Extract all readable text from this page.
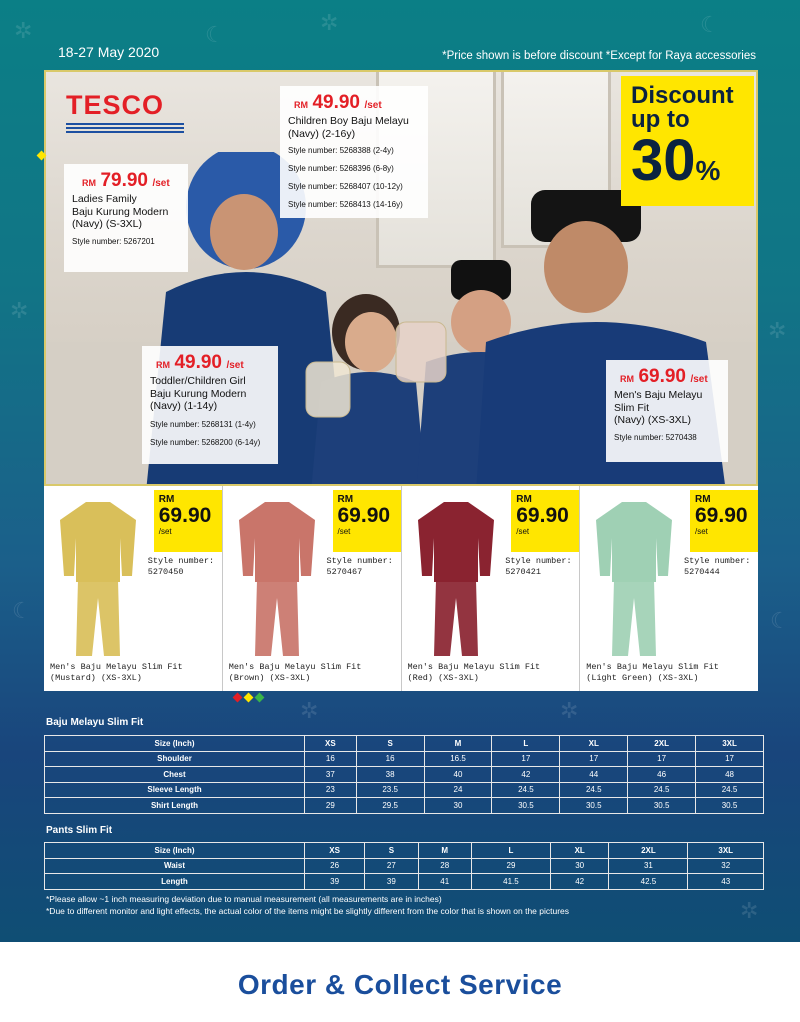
✲	☾	✲	☾
✲
✲
☾	☾
✲	✲
✲
18-27 May 2020	*Price shown is before discount *Except for Raya accessories
TESCO
RM 79.90 /set
Ladies Family
Baju Kurung Modern
(Navy) (S-3XL)
Style number: 5267201
RM 49.90 /set
Children Boy Baju Melayu
(Navy) (2-16y)
Style number: 5268388 (2-4y)
Style number: 5268396 (6-8y)
Style number: 5268407 (10-12y)
Style number: 5268413 (14-16y)
Discount
up to
30%
RM 49.90 /set
Toddler/Children Girl
Baju Kurung Modern
(Navy) (1-14y)
Style number: 5268131 (1-4y)
Style number: 5268200 (6-14y)
RM 69.90 /set
Men's Baju Melayu
Slim Fit
(Navy) (XS-3XL)
Style number: 5270438
RM
69.90
/set
Style number:
5270450
Men's Baju Melayu Slim Fit
(Mustard) (XS-3XL)
RM
69.90
/set
Style number:
5270467
Men's Baju Melayu Slim Fit
(Brown) (XS-3XL)
RM
69.90
/set
Style number:
5270421
Men's Baju Melayu Slim Fit
(Red) (XS-3XL)
RM
69.90
/set
Style number:
5270444
Men's Baju Melayu Slim Fit
(Light Green) (XS-3XL)
Baju Melayu Slim Fit
Size (Inch)	XS	S	M	L	XL	2XL	3XL
Shoulder	16	16	16.5	17	17	17	17
Chest	37	38	40	42	44	46	48
Sleeve Length	23	23.5	24	24.5	24.5	24.5	24.5
Shirt Length	29	29.5	30	30.5	30.5	30.5	30.5
Pants Slim Fit
Size (Inch)	XS	S	M	L	XL	2XL	3XL
Waist	26	27	28	29	30	31	32
Length	39	39	41	41.5	42	42.5	43
*Please allow ~1 inch measuring deviation due to manual measurement (all measurements are in inches)
*Due to different monitor and light effects, the actual color of the items might be slightly different from the color that is shown on the pictures
Order & Collect Service
